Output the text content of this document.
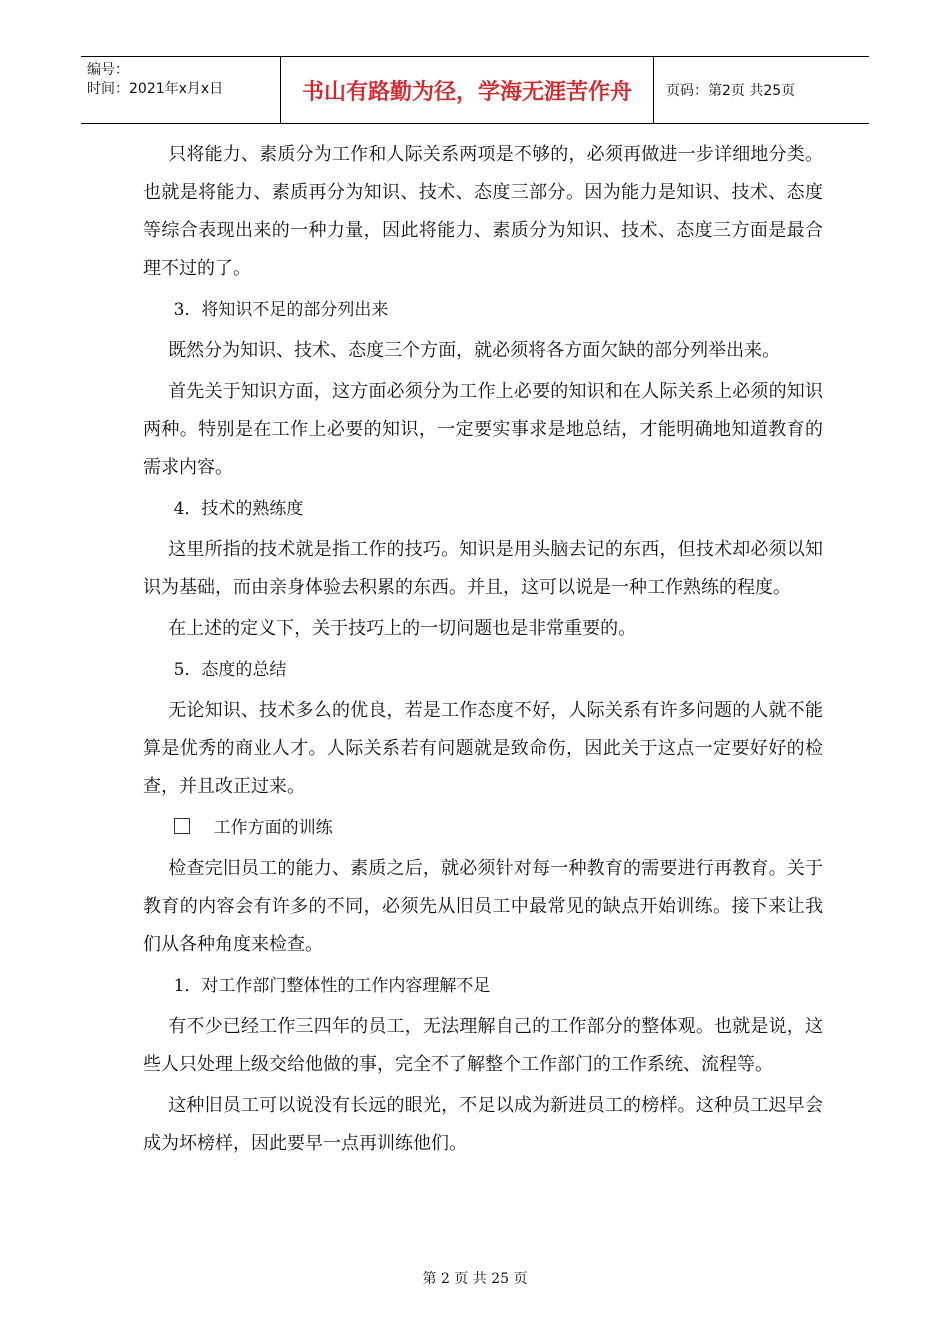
编号：
时间：2021年x月x日	书山有路勤为径，学海无涯苦作舟	页码：第2页 共25页

只将能力、素质分为工作和人际关系两项是不够的，必须再做进一步详细地分类。也就是将能力、素质再分为知识、技术、态度三部分。因为能力是知识、技术、态度等综合表现出来的一种力量，因此将能力、素质分为知识、技术、态度三方面是最合理不过的了。

3．将知识不足的部分列出来

既然分为知识、技术、态度三个方面，就必须将各方面欠缺的部分列举出来。

首先关于知识方面，这方面必须分为工作上必要的知识和在人际关系上必须的知识两种。特别是在工作上必要的知识，一定要实事求是地总结，才能明确地知道教育的需求内容。

4．技术的熟练度

这里所指的技术就是指工作的技巧。知识是用头脑去记的东西，但技术却必须以知识为基础，而由亲身体验去积累的东西。并且，这可以说是一种工作熟练的程度。

在上述的定义下，关于技巧上的一切问题也是非常重要的。

5．态度的总结

无论知识、技术多么的优良，若是工作态度不好，人际关系有许多问题的人就不能算是优秀的商业人才。人际关系若有问题就是致命伤，因此关于这点一定要好好的检查，并且改正过来。

工作方面的训练

检查完旧员工的能力、素质之后，就必须针对每一种教育的需要进行再教育。关于教育的内容会有许多的不同，必须先从旧员工中最常见的缺点开始训练。接下来让我们从各种角度来检查。

1．对工作部门整体性的工作内容理解不足

有不少已经工作三四年的员工，无法理解自己的工作部分的整体观。也就是说，这些人只处理上级交给他做的事，完全不了解整个工作部门的工作系统、流程等。

这种旧员工可以说没有长远的眼光，不足以成为新进员工的榜样。这种员工迟早会成为坏榜样，因此要早一点再训练他们。

第 2 页 共 25 页
